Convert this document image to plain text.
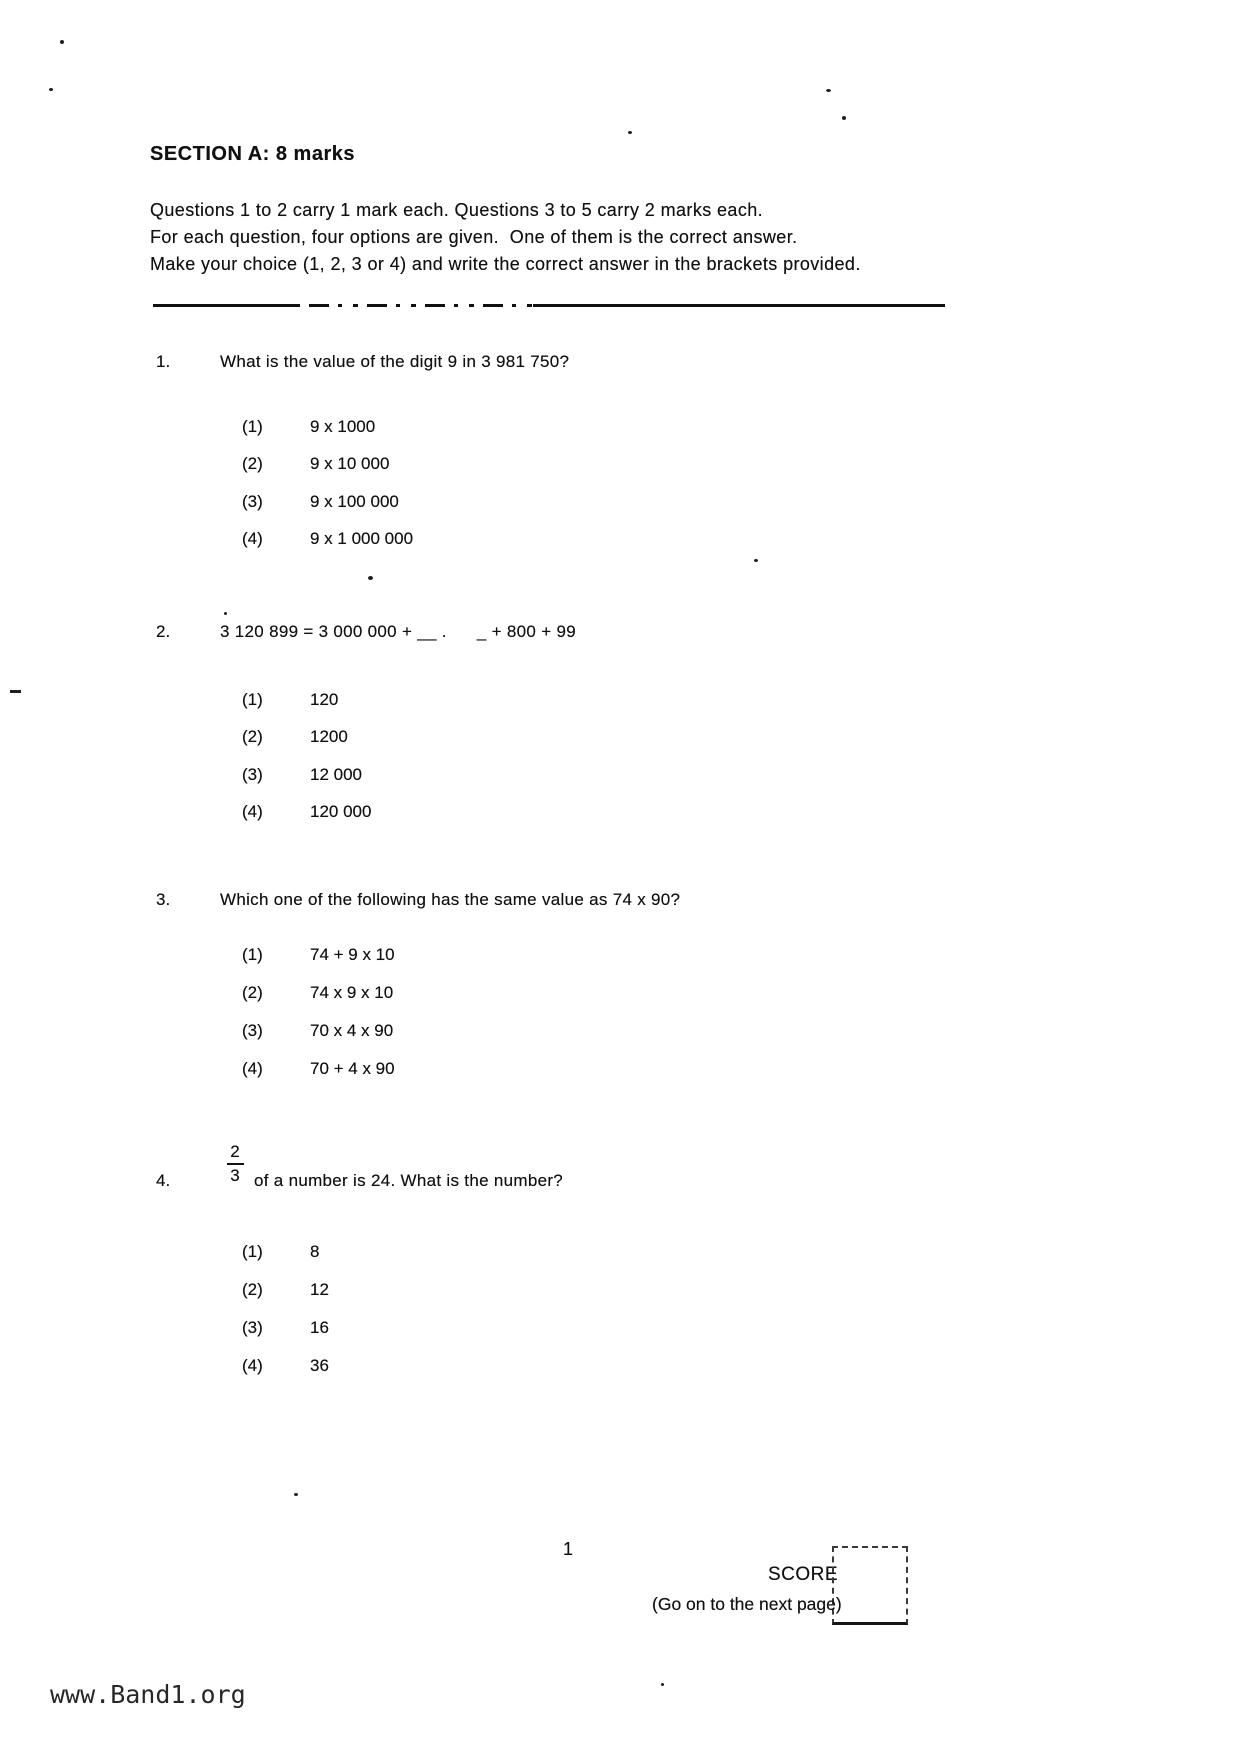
SECTION A: 8 marks
Questions 1 to 2 carry 1 mark each. Questions 3 to 5 carry 2 marks each.
For each question, four options are given.  One of them is the correct answer.
Make your choice (1, 2, 3 or 4) and write the correct answer in the brackets provided.
1.	What is the value of the digit 9 in 3 981 750?
(1)	9 x 1000
(2)	9 x 10 000
(3)	9 x 100 000
(4)	9 x 1 000 000
2.	3 120 899 = 3 000 000 + __ .      _ + 800 + 99
(1)	120
(2)	1200
(3)	12 000
(4)	120 000
3.	Which one of the following has the same value as 74 x 90?
(1)	74 + 9 x 10
(2)	74 x 9 x 10
(3)	70 x 4 x 90
(4)	70 + 4 x 90
4.
2
3 of a number is 24. What is the number?
(1)	8
(2)	12
(3)	16
(4)	36
1
SCORE
(Go on to the next page)
www.Band1.org
